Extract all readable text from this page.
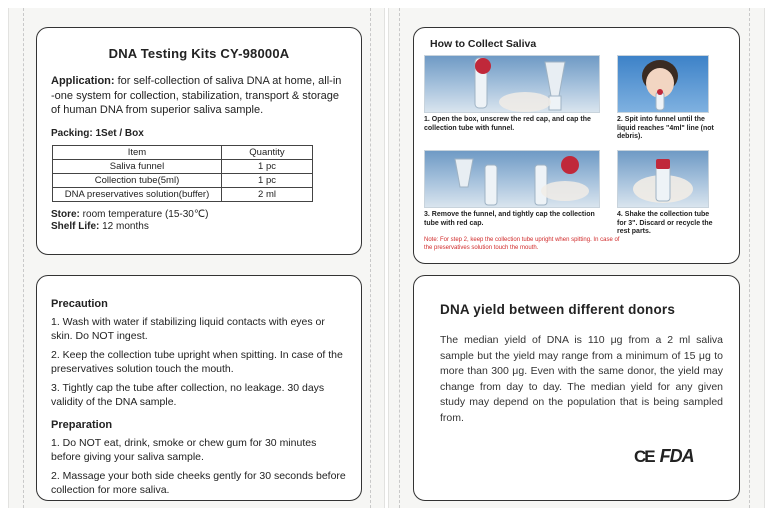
DNA Testing Kits CY-98000A

Application: for self-collection of saliva DNA at home, all-in -one system for collection, stabilization, transport & storage of human DNA from superior saliva sample.

Packing: 1Set / Box
Item	Quantity
Saliva funnel	1 pc
Collection tube(5ml)	1 pc
DNA preservatives solution(buffer)	2 ml
Store: room temperature (15-30℃)
Shelf Life: 12 months
Precaution

1. Wash with water if stabilizing liquid contacts with eyes or skin. Do NOT ingest.

2. Keep the collection tube upright when spitting. In case of the preservatives solution touch the mouth.

3. Tightly cap the tube after collection, no leakage. 30 days validity of the DNA sample.

Preparation

1. Do NOT eat, drink, smoke or chew gum for 30 minutes before giving your saliva sample.

2. Massage your both side cheeks gently for 30 seconds before collection for more saliva.

How to Collect Saliva
1. Open the box, unscrew the red cap, and cap the collection tube with funnel.
2. Spit into funnel until the liquid reaches "4ml" line (not debris).
3. Remove the funnel, and tightly cap the collection tube with red cap.
4. Shake the collection tube for 3". Discard or recycle the rest parts.
Note: For step 2, keep the collection tube upright when spitting. In case of the preservatives solution touch the mouth.
DNA yield between different donors

The median yield of DNA is 110 μg from a 2 ml saliva sample but the yield may range from a minimum of 15 μg to more than 300 μg. Even with the same donor, the yield may change from day to day. The median yield for any given study may depend on the population that is being sampled from.

CE FDA
